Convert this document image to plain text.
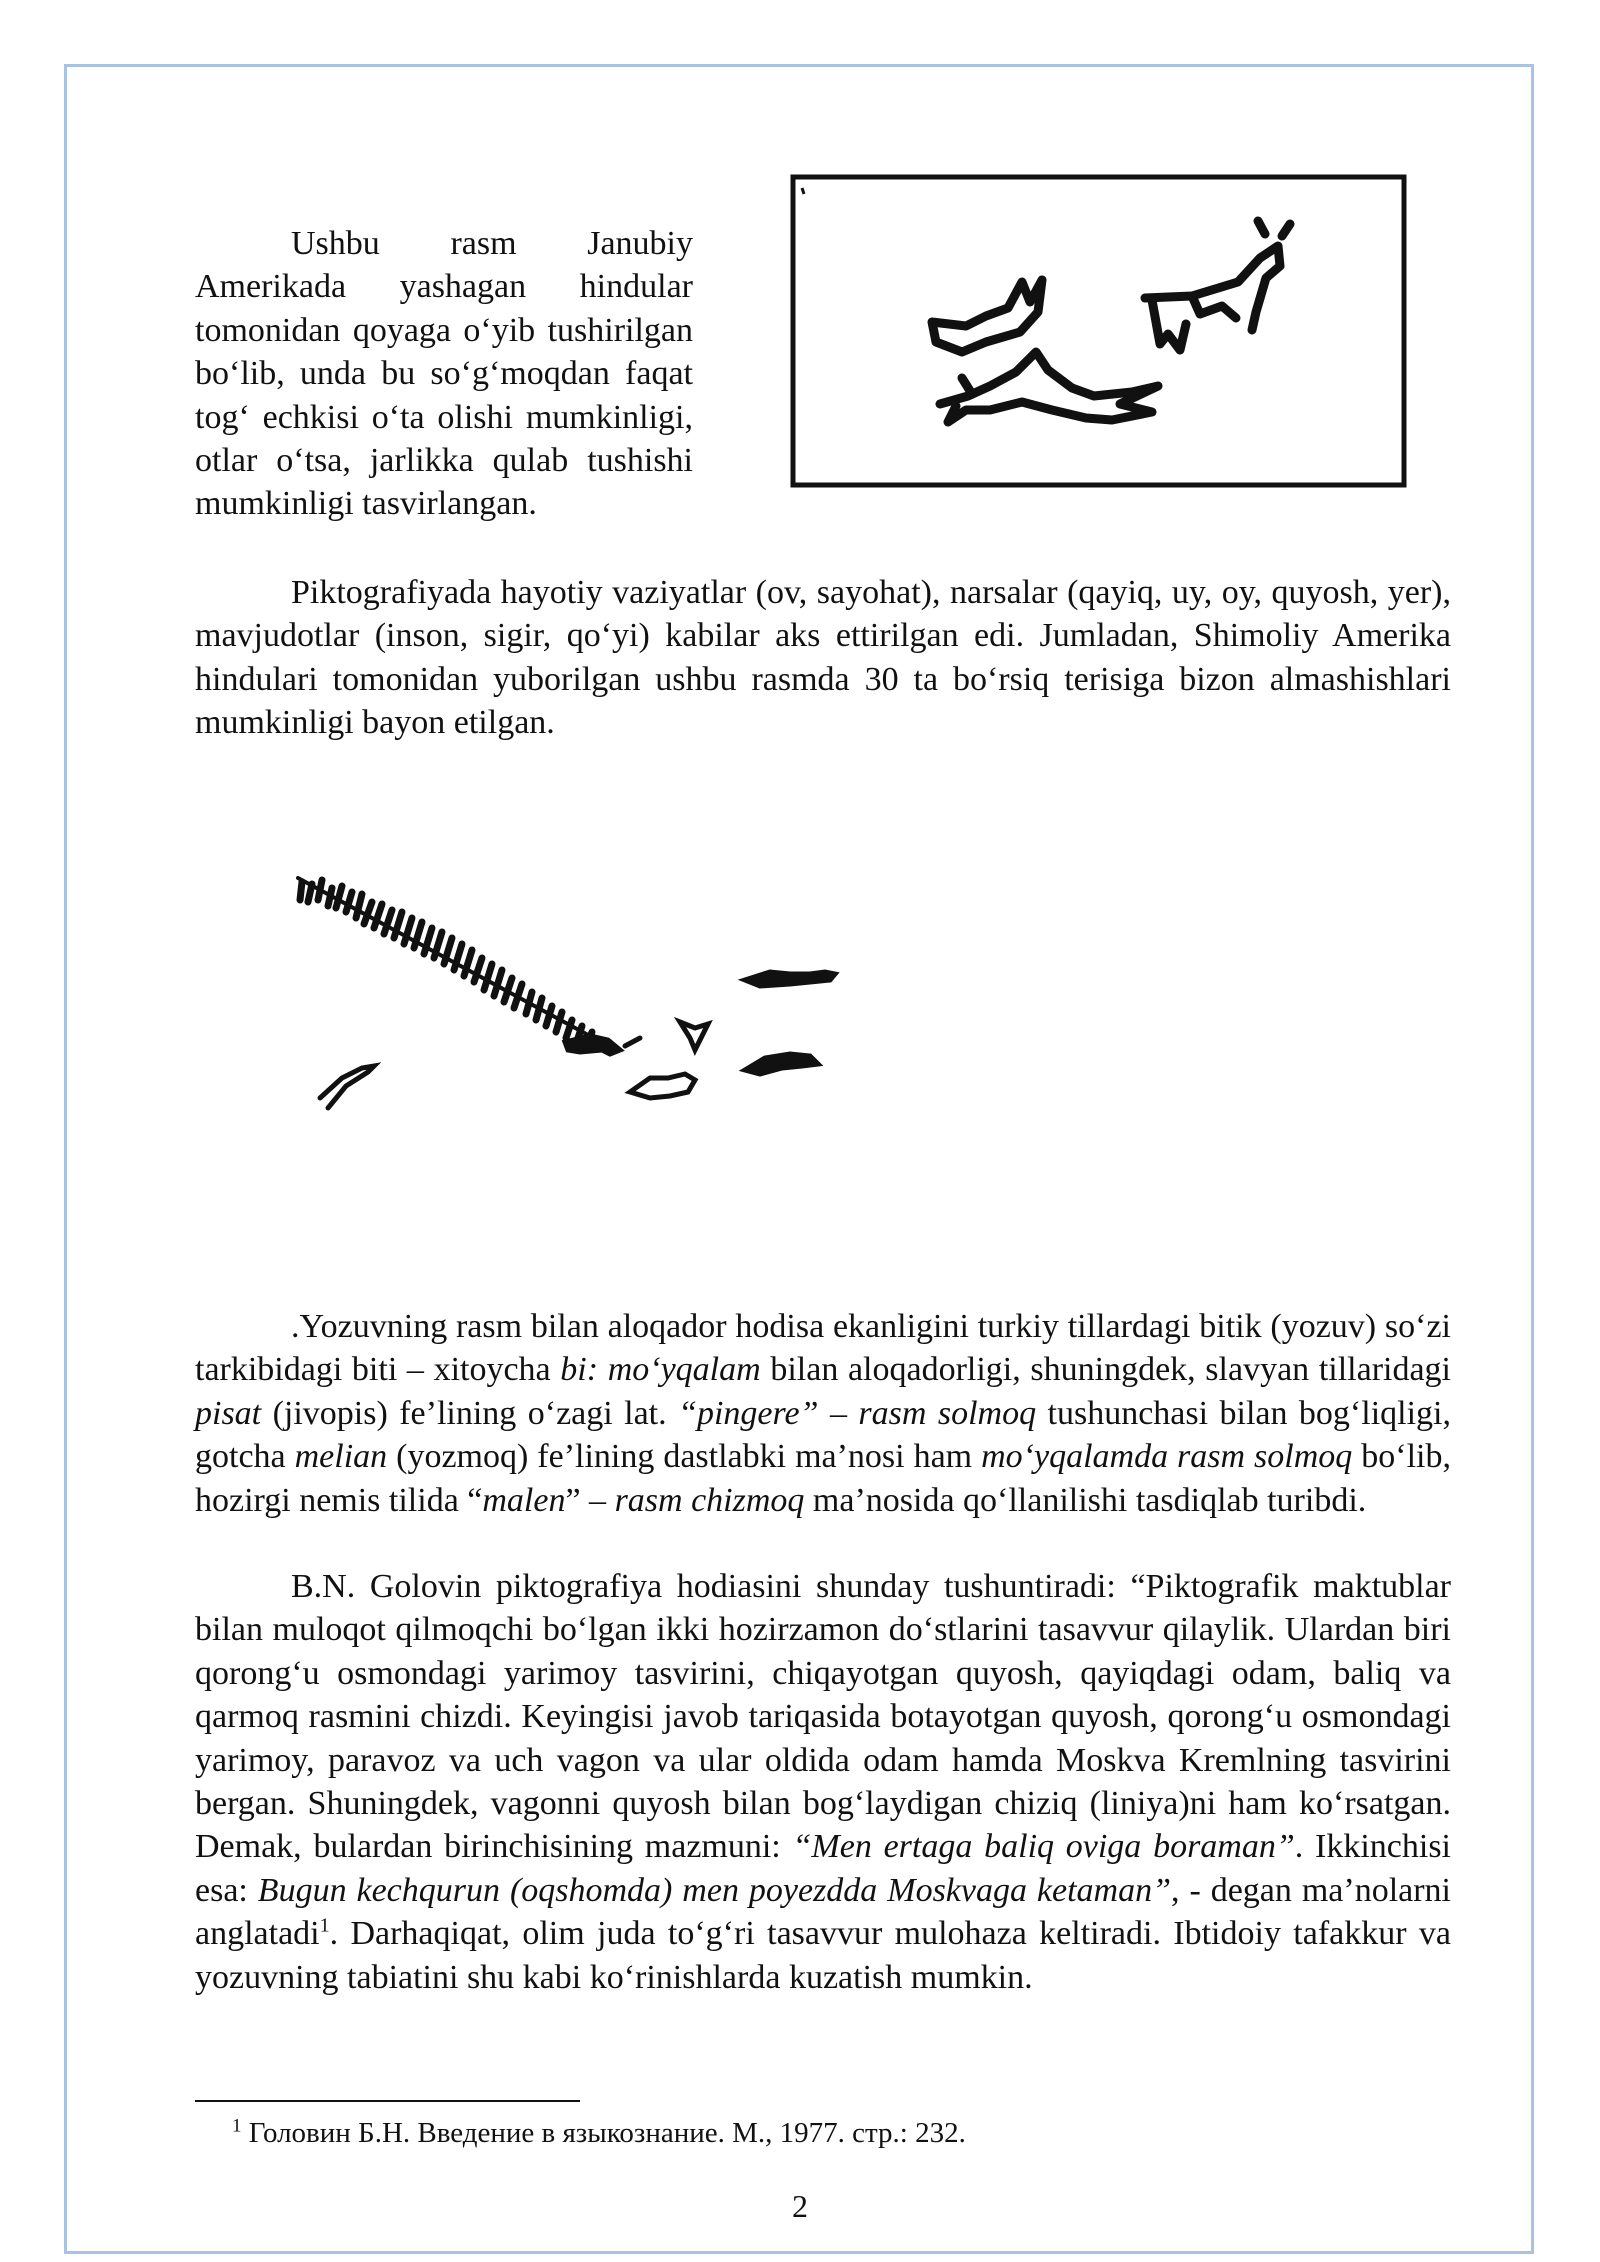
Ushbu rasm Janubiy Amerikada yashagan hindular tomonidan qoyaga o‘yib tushirilgan bo‘lib, unda bu so‘g‘moqdan faqat tog‘ echkisi o‘ta olishi mumkinligi, otlar o‘tsa, jarlikka qulab tushishi mumkinligi tasvirlangan.

Piktografiyada hayotiy vaziyatlar (ov, sayohat), narsalar (qayiq, uy, oy, quyosh, yer), mavjudotlar (inson, sigir, qo‘yi) kabilar aks ettirilgan edi. Jumladan, Shimoliy Amerika hindulari tomonidan yuborilgan ushbu rasmda 30 ta bo‘rsiq terisiga bizon almashishlari mumkinligi bayon etilgan.

.Yozuvning rasm bilan aloqador hodisa ekanligini turkiy tillardagi bitik (yozuv) so‘zi tarkibidagi biti – xitoycha bi: mo‘yqalam bilan aloqadorligi, shuningdek, slavyan tillaridagi pisat (jivopis) fe’lining o‘zagi lat. “pingere” – rasm solmoq tushunchasi bilan bog‘liqligi, gotcha melian (yozmoq) fe’lining dastlabki ma’nosi ham mo‘yqalamda rasm solmoq bo‘lib, hozirgi nemis tilida “malen” – rasm chizmoq ma’nosida qo‘llanilishi tasdiqlab turibdi.

B.N. Golovin piktografiya hodiasini shunday tushuntiradi: “Piktografik maktublar bilan muloqot qilmoqchi bo‘lgan ikki hozirzamon do‘stlarini tasavvur qilaylik. Ulardan biri qorong‘u osmondagi yarimoy tasvirini, chiqayotgan quyosh, qayiqdagi odam, baliq va qarmoq rasmini chizdi. Keyingisi javob tariqasida botayotgan quyosh, qorong‘u osmondagi yarimoy, paravoz va uch vagon va ular oldida odam hamda Moskva Kremlning tasvirini bergan. Shuningdek, vagonni quyosh bilan bog‘laydigan chiziq (liniya)ni ham ko‘rsatgan. Demak, bulardan birinchisining mazmuni: “Men ertaga baliq oviga boraman”. Ikkinchisi esa: Bugun kechqurun (oqshomda) men poyezdda Moskvaga ketaman”, - degan ma’nolarni anglatadi$^1$. Darhaqiqat, olim juda to‘g‘ri tasavvur mulohaza keltiradi. Ibtidoiy tafakkur va yozuvning tabiatini shu kabi ko‘rinishlarda kuzatish mumkin.

$^1$ Головин Б.Н. Введение в языкознание. М., 1977. стр.: 232.
2
